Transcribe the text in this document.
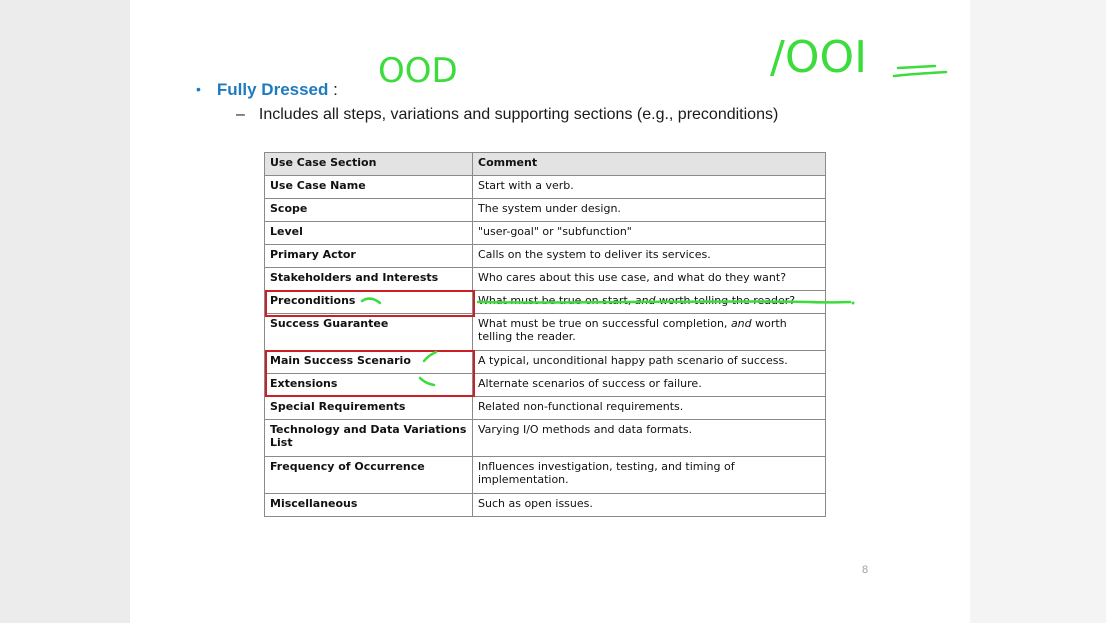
• Fully Dressed :
– Includes all steps, variations and supporting sections (e.g., preconditions)
Use Case Section	Comment
Use Case Name	Start with a verb.
Scope	The system under design.
Level	"user-goal" or "subfunction"
Primary Actor	Calls on the system to deliver its services.
Stakeholders and Interests	Who cares about this use case, and what do they want?
Preconditions	What must be true on start, and worth telling the reader?
Success Guarantee	What must be true on successful completion, and worth telling the reader.
Main Success Scenario	A typical, unconditional happy path scenario of success.
Extensions	Alternate scenarios of success or failure.
Special Requirements	Related non-functional requirements.
Technology and Data Variations List	Varying I/O methods and data formats.
Frequency of Occurrence	Influences investigation, testing, and timing of implementation.
Miscellaneous	Such as open issues.
OOD	/OOI
8
